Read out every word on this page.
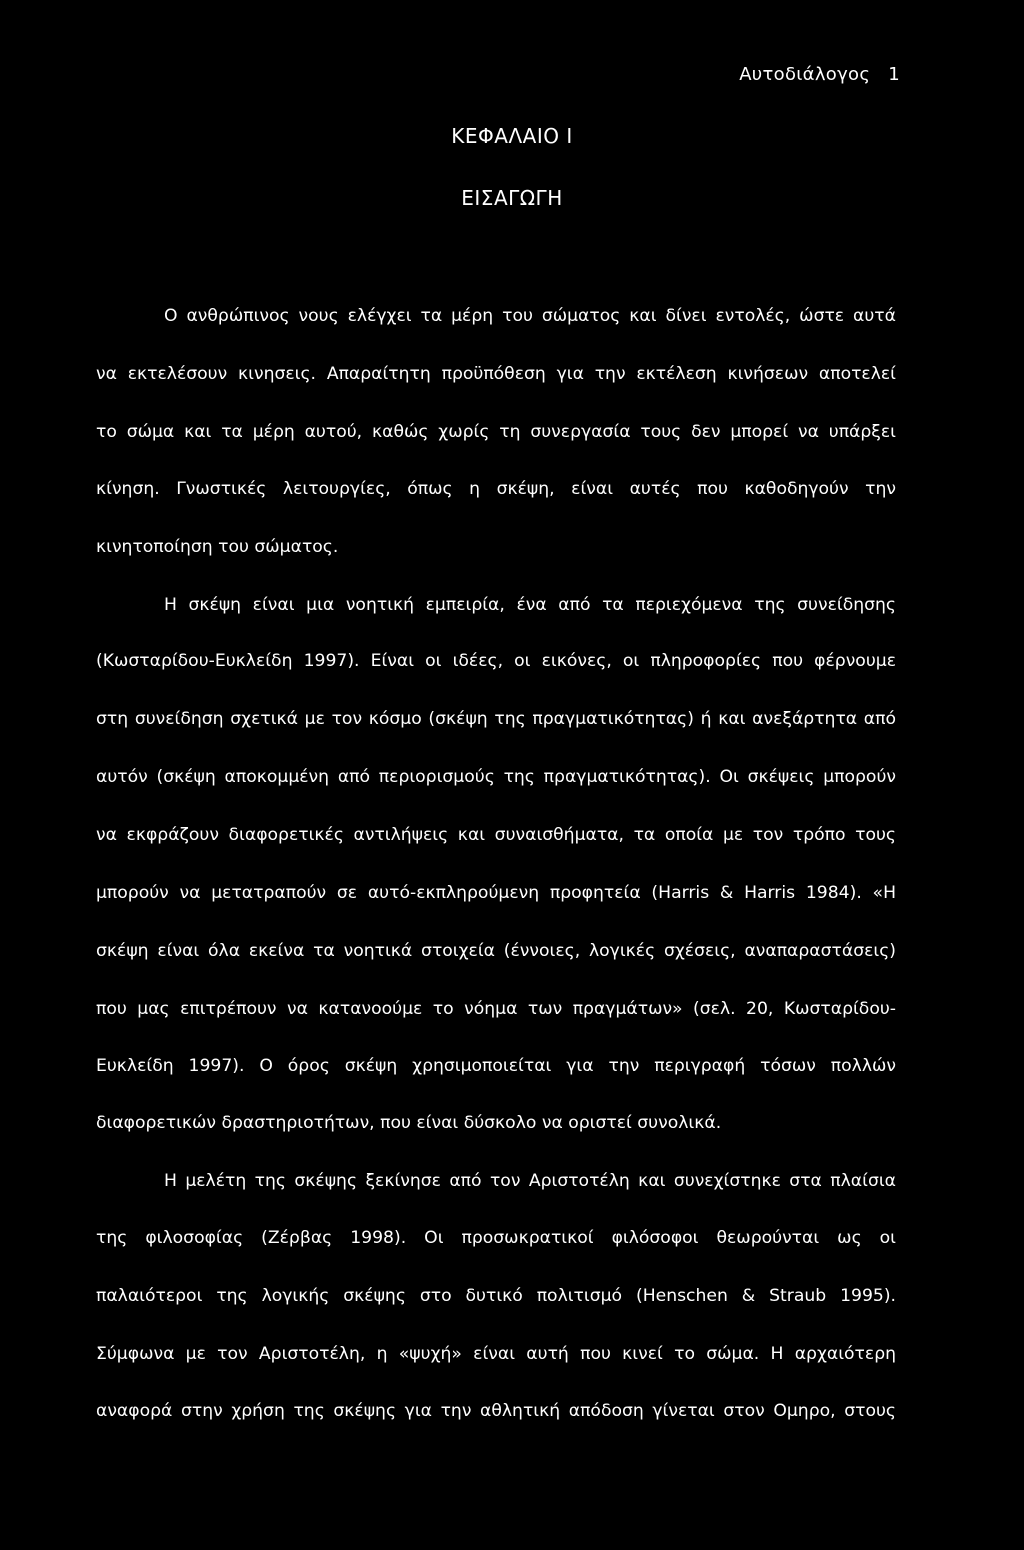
Αυτοδιάλογος 1
ΚΕΦΑΛΑΙΟ Ι
ΕΙΣΑΓΩΓΗ
Ο ανθρώπινος νους ελέγχει τα μέρη του σώματος και δίνει εντολές, ώστε αυτά
να εκτελέσουν κινησεις. Απαραίτητη προϋπόθεση για την εκτέλεση κινήσεων αποτελεί
το σώμα και τα μέρη αυτού, καθώς χωρίς τη συνεργασία τους δεν μπορεί να υπάρξει
κίνηση. Γνωστικές λειτουργίες, όπως η σκέψη, είναι αυτές που καθοδηγούν την
κινητοποίηση του σώματος.
Η σκέψη είναι μια νοητική εμπειρία, ένα από τα περιεχόμενα της συνείδησης
(Κωσταρίδου-Ευκλείδη 1997). Είναι οι ιδέες, οι εικόνες, οι πληροφορίες που φέρνουμε
στη συνείδηση σχετικά με τον κόσμο (σκέψη της πραγματικότητας) ή και ανεξάρτητα από
αυτόν (σκέψη αποκομμένη από περιορισμούς της πραγματικότητας). Οι σκέψεις μπορούν
να εκφράζουν διαφορετικές αντιλήψεις και συναισθήματα, τα οποία με τον τρόπο τους
μπορούν να μετατραπούν σε αυτό-εκπληρούμενη προφητεία (Harris & Harris 1984). «Η
σκέψη είναι όλα εκείνα τα νοητικά στοιχεία (έννοιες, λογικές σχέσεις, αναπαραστάσεις)
που μας επιτρέπουν να κατανοούμε το νόημα των πραγμάτων» (σελ. 20, Κωσταρίδου-
Ευκλείδη 1997). Ο όρος σκέψη χρησιμοποιείται για την περιγραφή τόσων πολλών
διαφορετικών δραστηριοτήτων, που είναι δύσκολο να οριστεί συνολικά.
Η μελέτη της σκέψης ξεκίνησε από τον Αριστοτέλη και συνεχίστηκε στα πλαίσια
της φιλοσοφίας (Ζέρβας 1998). Οι προσωκρατικοί φιλόσοφοι θεωρούνται ως οι
παλαιότεροι της λογικής σκέψης στο δυτικό πολιτισμό (Henschen & Straub 1995).
Σύμφωνα με τον Αριστοτέλη, η «ψυχή» είναι αυτή που κινεί το σώμα. Η αρχαιότερη
αναφορά στην χρήση της σκέψης για την αθλητική απόδοση γίνεται στον Ομηρο, στους
